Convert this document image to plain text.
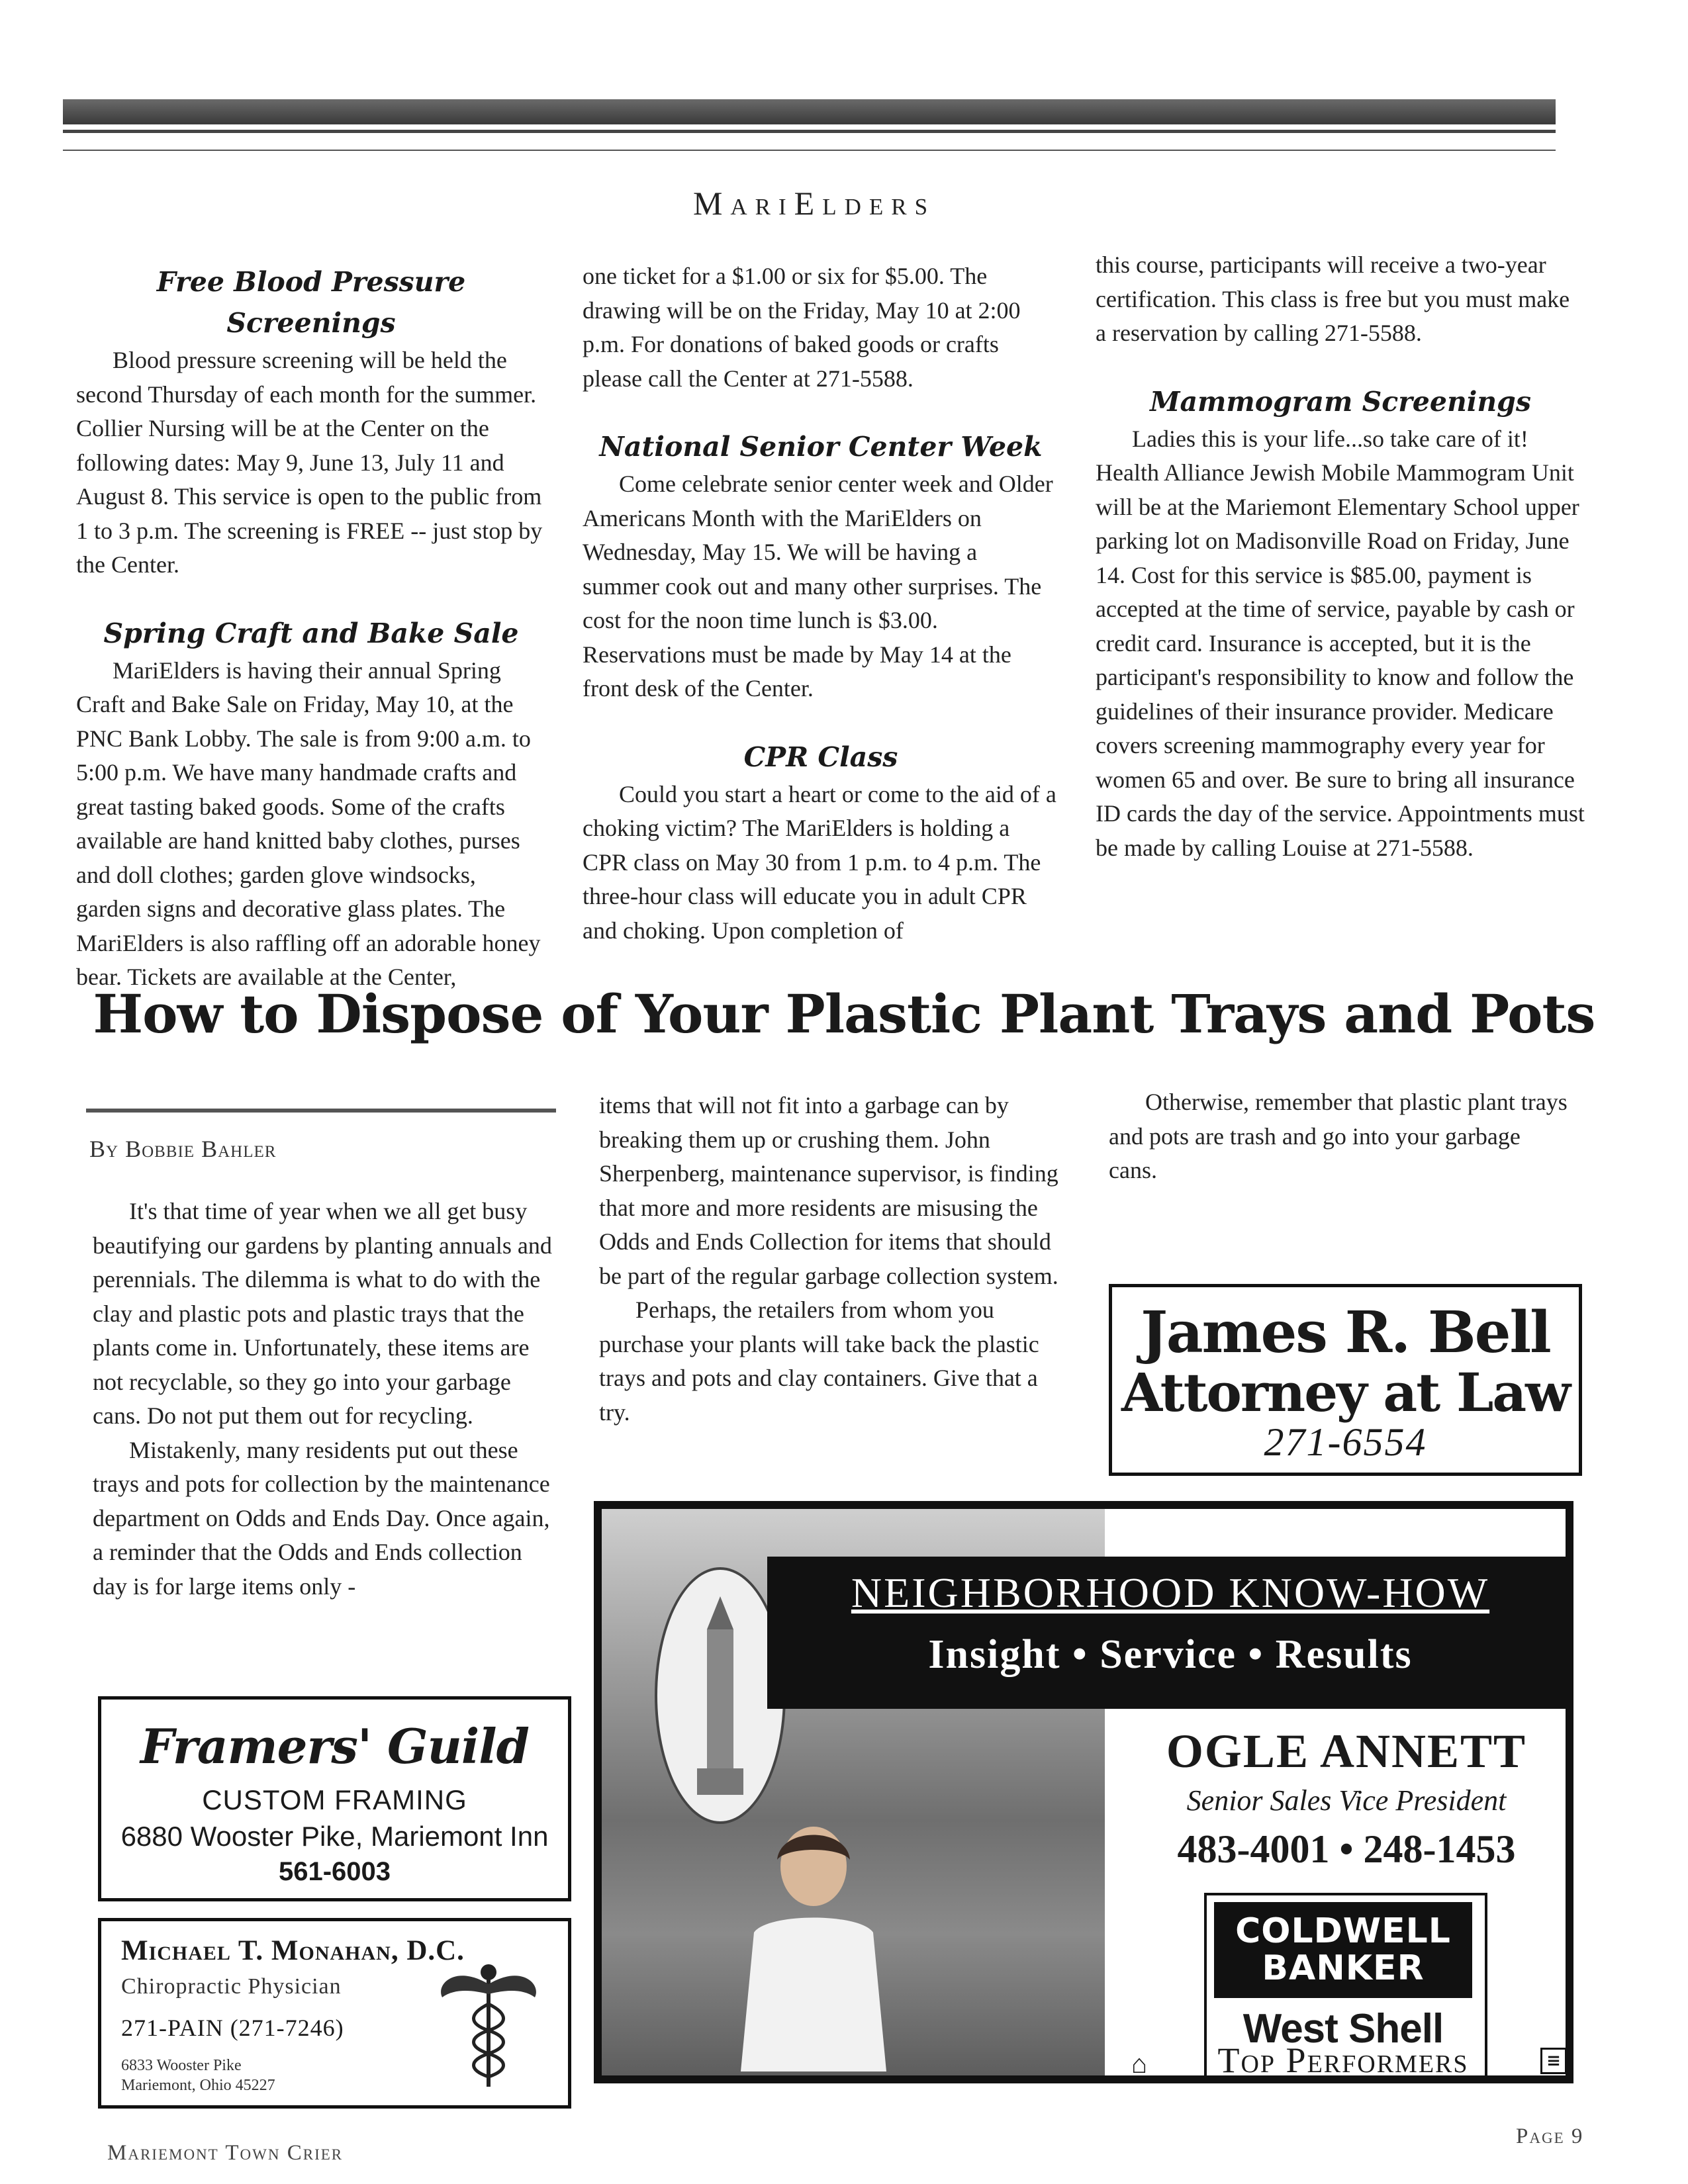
MariElders
Free Blood Pressure Screenings

Blood pressure screening will be held the second Thursday of each month for the summer. Collier Nursing will be at the Center on the following dates: May 9, June 13, July 11 and August 8. This service is open to the public from 1 to 3 p.m. The screening is FREE -- just stop by the Center.

Spring Craft and Bake Sale

MariElders is having their annual Spring Craft and Bake Sale on Friday, May 10, at the PNC Bank Lobby. The sale is from 9:00 a.m. to 5:00 p.m. We have many handmade crafts and great tasting baked goods. Some of the crafts available are hand knitted baby clothes, purses and doll clothes; garden glove windsocks, garden signs and decorative glass plates. The MariElders is also raffling off an adorable honey bear. Tickets are available at the Center,

one ticket for a $1.00 or six for $5.00. The drawing will be on the Friday, May 10 at 2:00 p.m. For donations of baked goods or crafts please call the Center at 271-5588.

National Senior Center Week

Come celebrate senior center week and Older Americans Month with the MariElders on Wednesday, May 15. We will be having a summer cook out and many other surprises. The cost for the noon time lunch is $3.00. Reservations must be made by May 14 at the front desk of the Center.

CPR Class

Could you start a heart or come to the aid of a choking victim? The MariElders is holding a CPR class on May 30 from 1 p.m. to 4 p.m. The three-hour class will educate you in adult CPR and choking. Upon completion of

this course, participants will receive a two-year certification. This class is free but you must make a reservation by calling 271-5588.

Mammogram Screenings

Ladies this is your life...so take care of it! Health Alliance Jewish Mobile Mammogram Unit will be at the Mariemont Elementary School upper parking lot on Madisonville Road on Friday, June 14. Cost for this service is $85.00, payment is accepted at the time of service, payable by cash or credit card. Insurance is accepted, but it is the participant's responsibility to know and follow the guidelines of their insurance provider. Medicare covers screening mammography every year for women 65 and over. Be sure to bring all insurance ID cards the day of the service. Appointments must be made by calling Louise at 271-5588.

How to Dispose of Your Plastic Plant Trays and Pots
By Bobbie Bahler

It's that time of year when we all get busy beautifying our gardens by planting annuals and perennials. The dilemma is what to do with the clay and plastic pots and plastic trays that the plants come in. Unfortunately, these items are not recyclable, so they go into your garbage cans. Do not put them out for recycling.

Mistakenly, many residents put out these trays and pots for collection by the maintenance department on Odds and Ends Day. Once again, a reminder that the Odds and Ends collection day is for large items only -

items that will not fit into a garbage can by breaking them up or crushing them. John Sherpenberg, maintenance supervisor, is finding that more and more residents are misusing the Odds and Ends Collection for items that should be part of the regular garbage collection system.

Perhaps, the retailers from whom you purchase your plants will take back the plastic trays and pots and clay containers. Give that a try.

Otherwise, remember that plastic plant trays and pots are trash and go into your garbage cans.

Framers' Guild
CUSTOM FRAMING
6880 Wooster Pike, Mariemont Inn
561-6003
Michael T. Monahan, D.C.
Chiropractic Physician
271-PAIN (271-7246)
6833 Wooster Pike
Mariemont, Ohio 45227
James R. Bell
Attorney at Law
271-6554
NEIGHBORHOOD KNOW-HOW
Insight • Service • Results
OGLE ANNETT
Senior Sales Vice President
483-4001 • 248-1453
COLDWELL
BANKER
West Shell
⌂	Top Performers	≡
Mariemont Town Crier
Page 9
